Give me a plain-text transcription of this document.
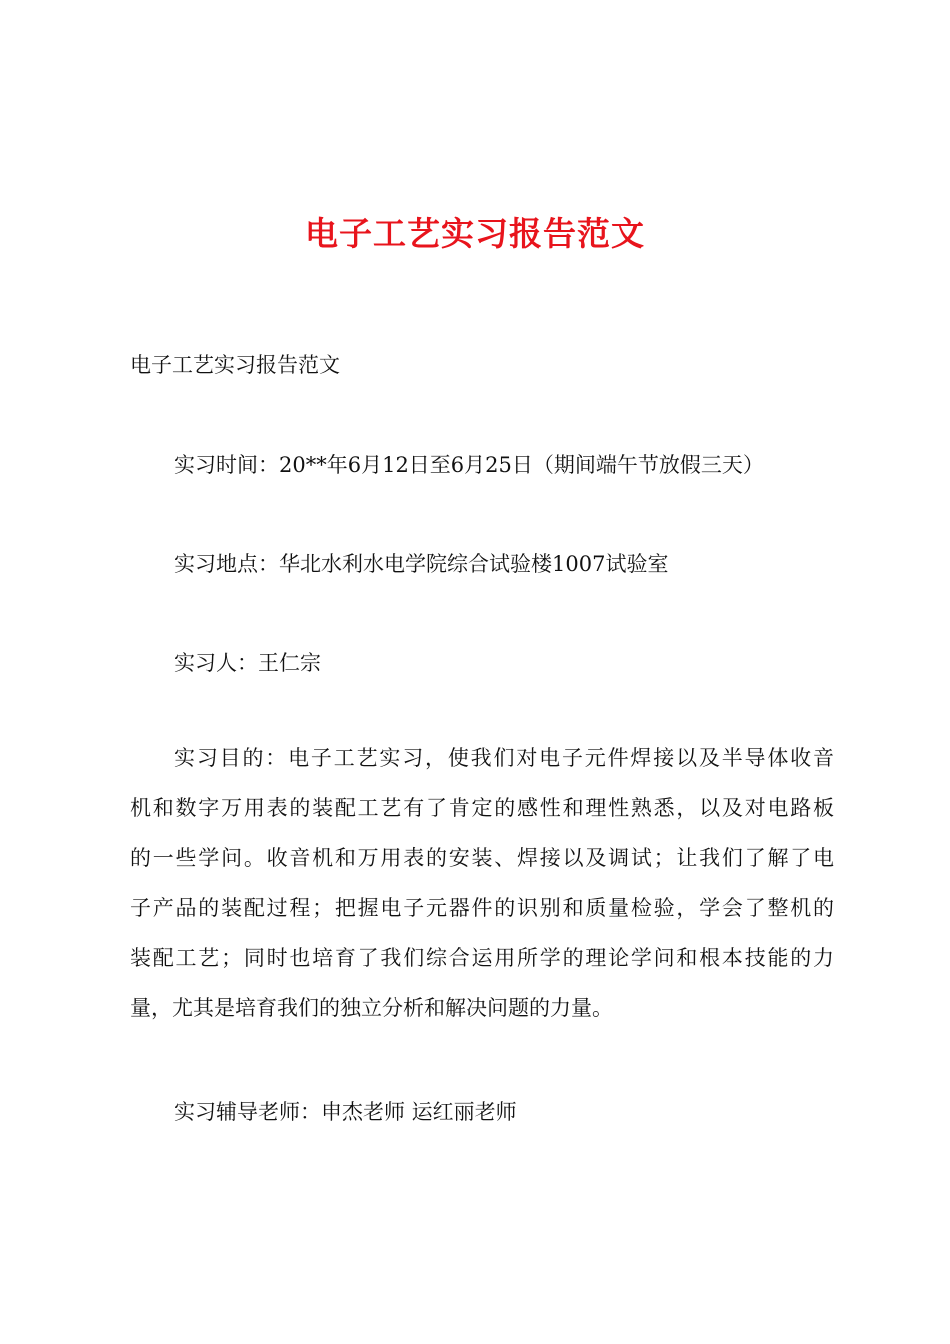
电子工艺实习报告范文
电子工艺实习报告范文
实习时间：20**年6月12日至6月25日（期间端午节放假三天）
实习地点：华北水利水电学院综合试验楼1007试验室
实习人：王仁宗
实习目的：电子工艺实习，使我们对电子元件焊接以及半导体收音
机和数字万用表的装配工艺有了肯定的感性和理性熟悉，以及对电路板
的一些学问。收音机和万用表的安装、焊接以及调试；让我们了解了电
子产品的装配过程；把握电子元器件的识别和质量检验，学会了整机的
装配工艺；同时也培育了我们综合运用所学的理论学问和根本技能的力
量，尤其是培育我们的独立分析和解决问题的力量。
实习辅导老师：申杰老师 运红丽老师
